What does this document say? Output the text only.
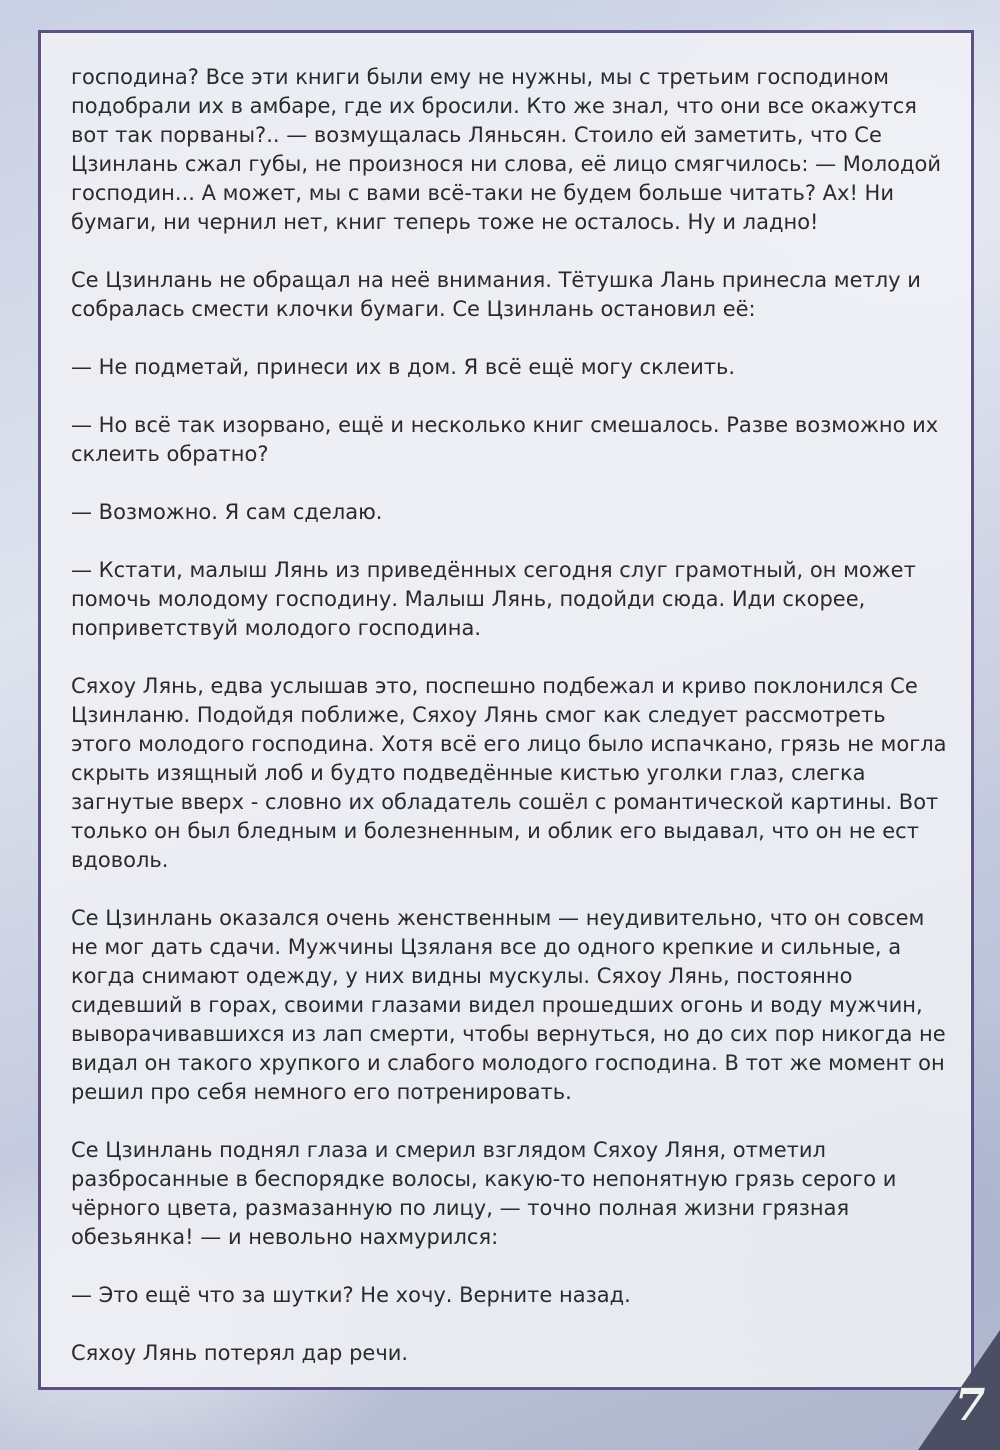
господина? Все эти книги были ему не нужны, мы с третьим господином подобрали их в амбаре, где их бросили. Кто же знал, что они все окажутся вот так порваны?.. — возмущалась Ляньсян. Стоило ей заметить, что Се Цзинлань сжал губы, не произнося ни слова, её лицо смягчилось: — Молодой господин... А может, мы с вами всё-таки не будем больше читать? Ах! Ни бумаги, ни чернил нет, книг теперь тоже не осталось. Ну и ладно!

Се Цзинлань не обращал на неё внимания. Тётушка Лань принесла метлу и собралась смести клочки бумаги. Се Цзинлань остановил её:

— Не подметай, принеси их в дом. Я всё ещё могу склеить.

— Но всё так изорвано, ещё и несколько книг смешалось. Разве возможно их склеить обратно?

— Возможно. Я сам сделаю.

— Кстати, малыш Лянь из приведённых сегодня слуг грамотный, он может помочь молодому господину. Малыш Лянь, подойди сюда. Иди скорее, поприветствуй молодого господина.

Сяхоу Лянь, едва услышав это, поспешно подбежал и криво поклонился Се Цзинланю. Подойдя поближе, Сяхоу Лянь смог как следует рассмотреть этого молодого господина. Хотя всё его лицо было испачкано, грязь не могла скрыть изящный лоб и будто подведённые кистью уголки глаз, слегка загнутые вверх - словно их обладатель сошёл с романтической картины. Вот только он был бледным и болезненным, и облик его выдавал, что он не ест вдоволь.

Се Цзинлань оказался очень женственным — неудивительно, что он совсем не мог дать сдачи. Мужчины Цзяланя все до одного крепкие и сильные, а когда снимают одежду, у них видны мускулы. Сяхоу Лянь, постоянно сидевший в горах, своими глазами видел прошедших огонь и воду мужчин, выворачивавшихся из лап смерти, чтобы вернуться, но до сих пор никогда не видал он такого хрупкого и слабого молодого господина. В тот же момент он решил про себя немного его потренировать.

Се Цзинлань поднял глаза и смерил взглядом Сяхоу Ляня, отметил разбросанные в беспорядке волосы, какую-то непонятную грязь серого и чёрного цвета, размазанную по лицу, — точно полная жизни грязная обезьянка! — и невольно нахмурился:

— Это ещё что за шутки? Не хочу. Верните назад.

Сяхоу Лянь потерял дар речи.

7
